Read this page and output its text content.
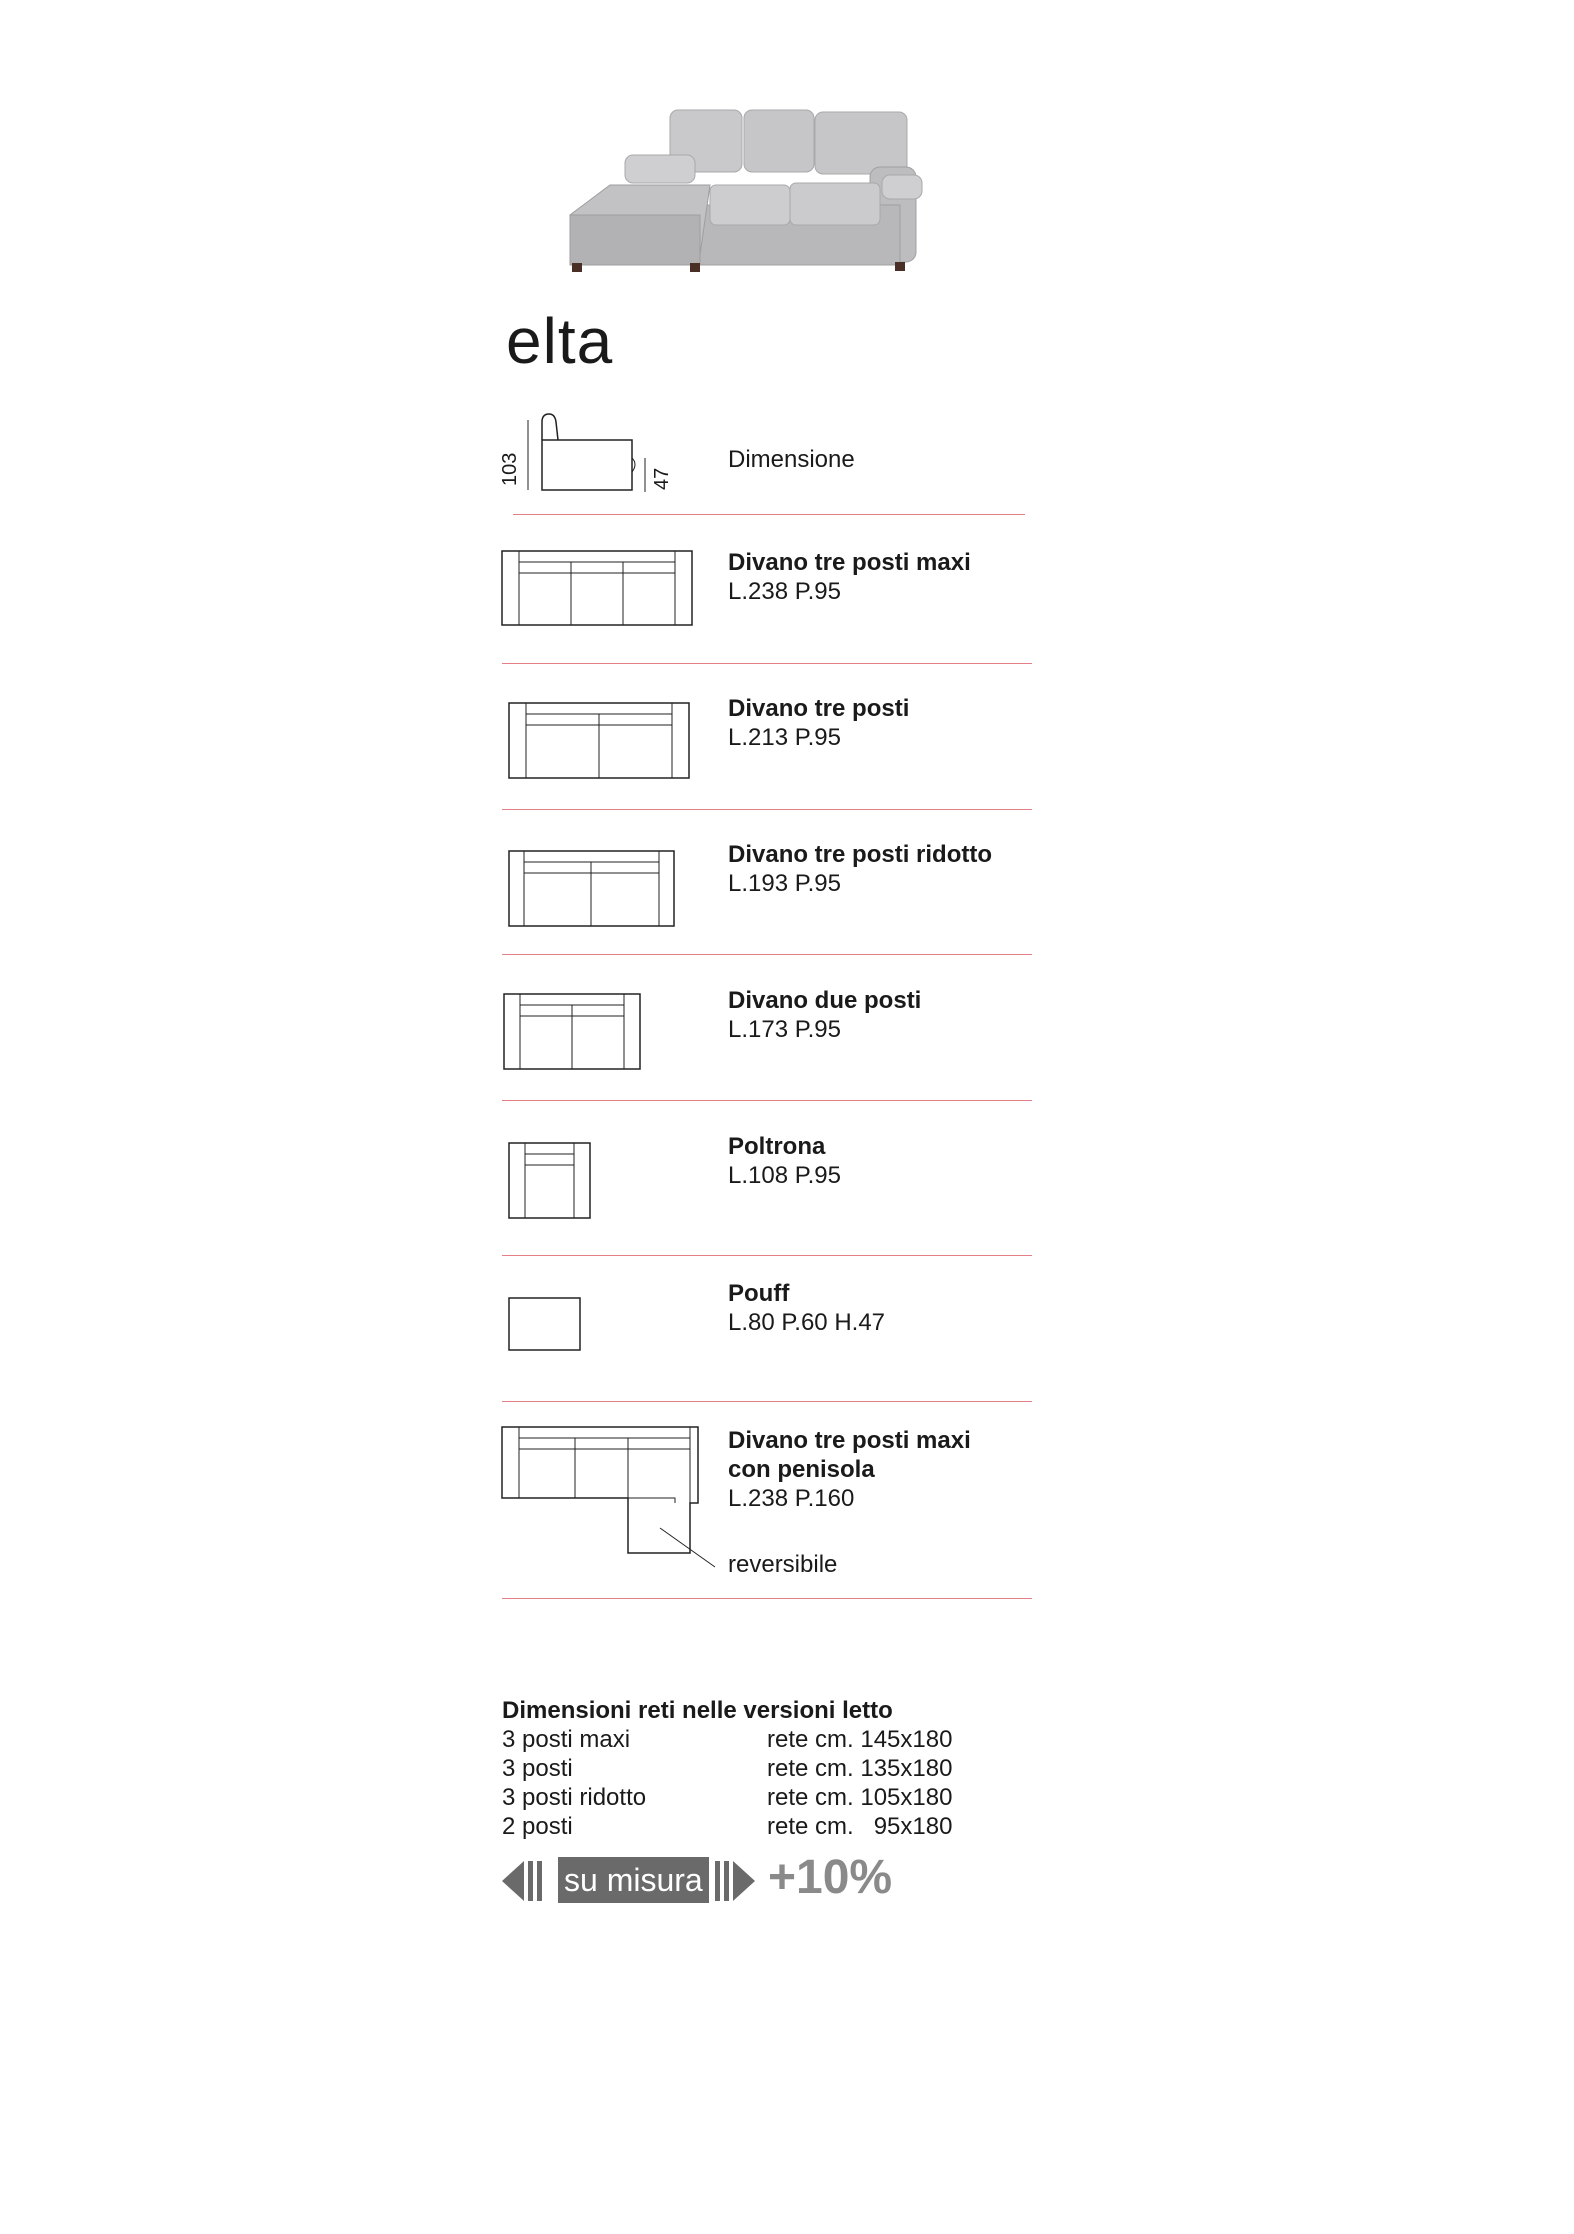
elta
103	47
Dimensione
Divano tre posti maxi
L.238 P.95
Divano tre posti
L.213 P.95
Divano tre posti ridotto
L.193 P.95
Divano due posti
L.173 P.95
Poltrona
L.108 P.95
Pouff
L.80 P.60 H.47
Divano tre posti maxi
con penisola
L.238 P.160
reversibile
Dimensioni reti nelle versioni letto
3 posti maxi	rete cm. 145x180
3 posti	rete cm. 135x180
3 posti ridotto	rete cm. 105x180
2 posti	rete cm.   95x180
su misura +10%
